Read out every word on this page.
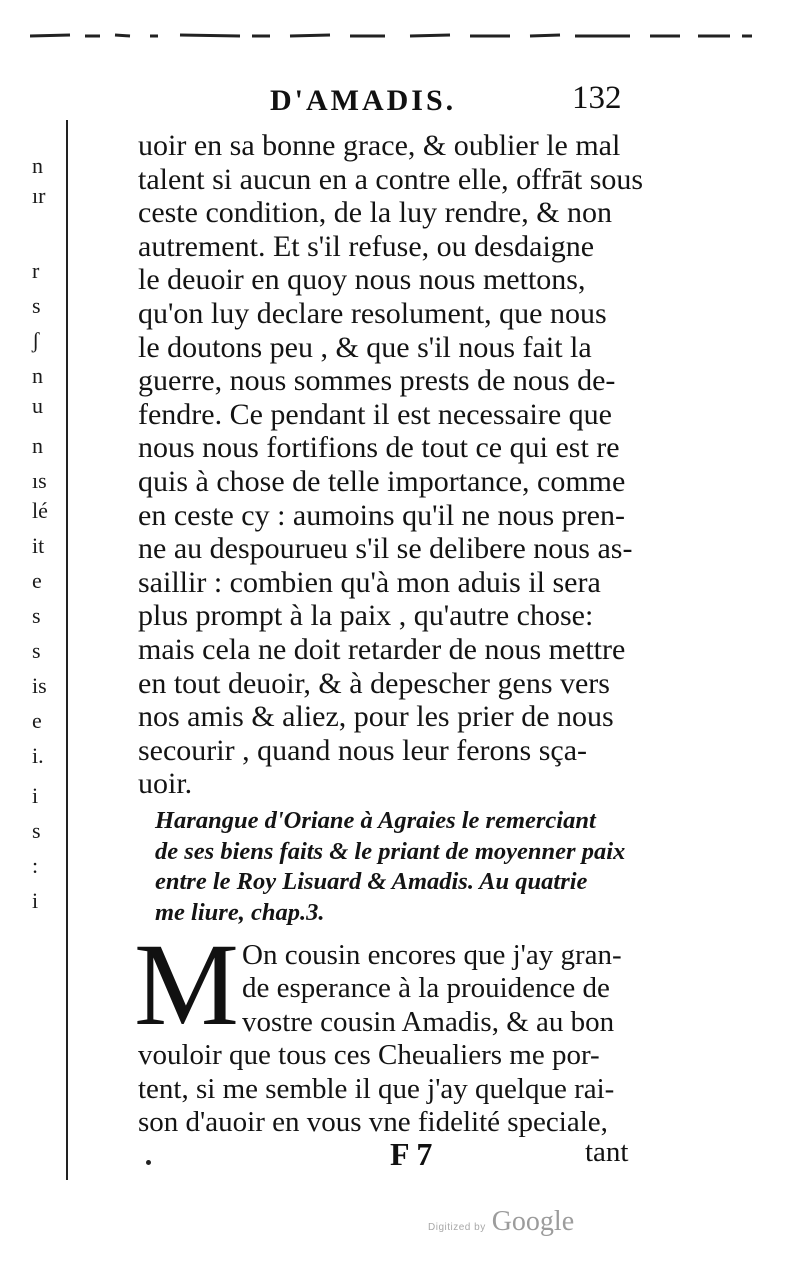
n
ır
r
s
ʃ
n
u
n
ıs
lé
it
e
s
s
is
e
i.
i
s
:
i
D'AMADIS.	132
uoir en sa bonne grace, & oublier le mal
talent si aucun en a contre elle, offrāt sous
ceste condition, de la luy rendre, & non
autrement. Et s'il refuse, ou desdaigne
le deuoir en quoy nous nous mettons,
qu'on luy declare resolument, que nous
le doutons peu , & que s'il nous fait la
guerre, nous sommes prests de nous de-
fendre. Ce pendant il est necessaire que
nous nous fortifions de tout ce qui est re
quis à chose de telle importance, comme
en ceste cy : aumoins qu'il ne nous pren-
ne au despourueu s'il se delibere nous as-
saillir : combien qu'à mon aduis il sera
plus prompt à la paix , qu'autre chose:
mais cela ne doit retarder de nous mettre
en tout deuoir, & à depescher gens vers
nos amis & aliez, pour les prier de nous
secourir , quand nous leur ferons sça-
uoir.
Harangue d'Oriane à Agraies le remerciant
de ses biens faits & le priant de moyenner paix
entre le Roy Lisuard & Amadis. Au quatrie
me liure, chap.3.
M On cousin encores que j'ay gran-
de esperance à la prouidence de
vostre cousin Amadis, & au bon
vouloir que tous ces Cheualiers me por-
tent, si me semble il que j'ay quelque rai-
son d'auoir en vous vne fidelité speciale,
F 7	tant
Digitized by Google
